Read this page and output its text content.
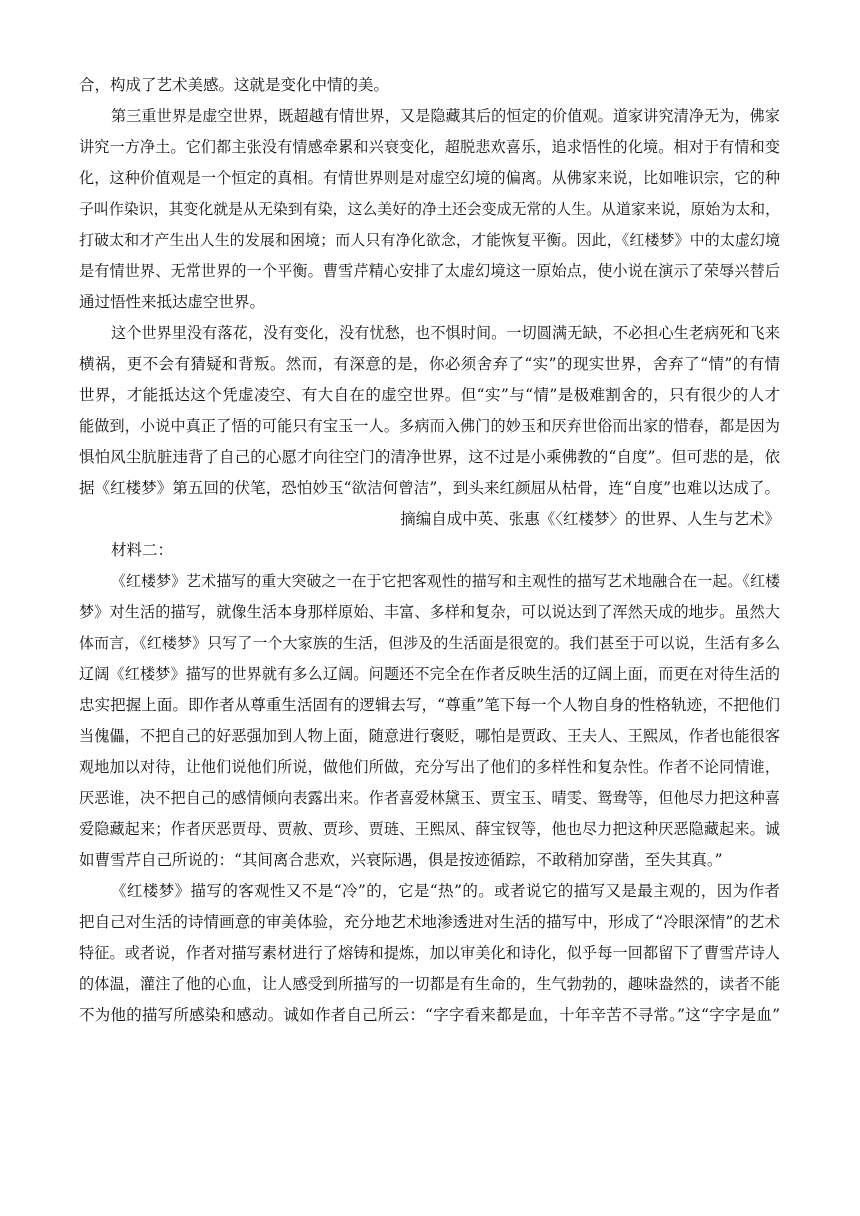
合，构成了艺术美感。这就是变化中情的美。
第三重世界是虚空世界，既超越有情世界，又是隐藏其后的恒定的价值观。道家讲究清净无为，佛家
讲究一方净土。它们都主张没有情感牵累和兴衰变化，超脱悲欢喜乐，追求悟性的化境。相对于有情和变
化，这种价值观是一个恒定的真相。有情世界则是对虚空幻境的偏离。从佛家来说，比如唯识宗，它的种
子叫作染识，其变化就是从无染到有染，这么美好的净土还会变成无常的人生。从道家来说，原始为太和，
打破太和才产生出人生的发展和困境；而人只有净化欲念，才能恢复平衡。因此，《红楼梦》中的太虚幻境
是有情世界、无常世界的一个平衡。曹雪芹精心安排了太虚幻境这一原始点，使小说在演示了荣辱兴替后
通过悟性来抵达虚空世界。
这个世界里没有落花，没有变化，没有忧愁，也不惧时间。一切圆满无缺，不必担心生老病死和飞来
横祸，更不会有猜疑和背叛。然而，有深意的是，你必须舍弃了“实”的现实世界，舍弃了“情”的有情
世界，才能抵达这个凭虚凌空、有大自在的虚空世界。但“实”与“情”是极难割舍的，只有很少的人才
能做到，小说中真正了悟的可能只有宝玉一人。多病而入佛门的妙玉和厌弃世俗而出家的惜春，都是因为
惧怕风尘肮脏违背了自己的心愿才向往空门的清净世界，这不过是小乘佛教的“自度”。但可悲的是，依
据《红楼梦》第五回的伏笔，恐怕妙玉“欲洁何曾洁”，到头来红颜屈从枯骨，连“自度”也难以达成了。
摘编自成中英、张惠《〈红楼梦〉的世界、人生与艺术》
材料二：
《红楼梦》艺术描写的重大突破之一在于它把客观性的描写和主观性的描写艺术地融合在一起。《红楼
梦》对生活的描写，就像生活本身那样原始、丰富、多样和复杂，可以说达到了浑然天成的地步。虽然大
体而言，《红楼梦》只写了一个大家族的生活，但涉及的生活面是很宽的。我们甚至于可以说，生活有多么
辽阔《红楼梦》描写的世界就有多么辽阔。问题还不完全在作者反映生活的辽阔上面，而更在对待生活的
忠实把握上面。即作者从尊重生活固有的逻辑去写，“尊重”笔下每一个人物自身的性格轨迹，不把他们
当傀儡，不把自己的好恶强加到人物上面，随意进行褒贬，哪怕是贾政、王夫人、王熙凤，作者也能很客
观地加以对待，让他们说他们所说，做他们所做，充分写出了他们的多样性和复杂性。作者不论同情谁，
厌恶谁，决不把自己的感情倾向表露出来。作者喜爱林黛玉、贾宝玉、晴雯、鸳鸯等，但他尽力把这种喜
爱隐藏起来；作者厌恶贾母、贾赦、贾珍、贾琏、王熙凤、薛宝钗等，他也尽力把这种厌恶隐藏起来。诚
如曹雪芹自己所说的：“其间离合悲欢，兴衰际遇，俱是按迹循踪，不敢稍加穿凿，至失其真。”
《红楼梦》描写的客观性又不是“冷”的，它是“热”的。或者说它的描写又是最主观的，因为作者
把自己对生活的诗情画意的审美体验，充分地艺术地渗透进对生活的描写中，形成了“冷眼深情”的艺术
特征。或者说，作者对描写素材进行了熔铸和提炼，加以审美化和诗化，似乎每一回都留下了曹雪芹诗人
的体温，灌注了他的心血，让人感受到所描写的一切都是有生命的，生气勃勃的，趣味盎然的，读者不能
不为他的描写所感染和感动。诚如作者自己所云：“字字看来都是血，十年辛苦不寻常。”这“字字是血”
